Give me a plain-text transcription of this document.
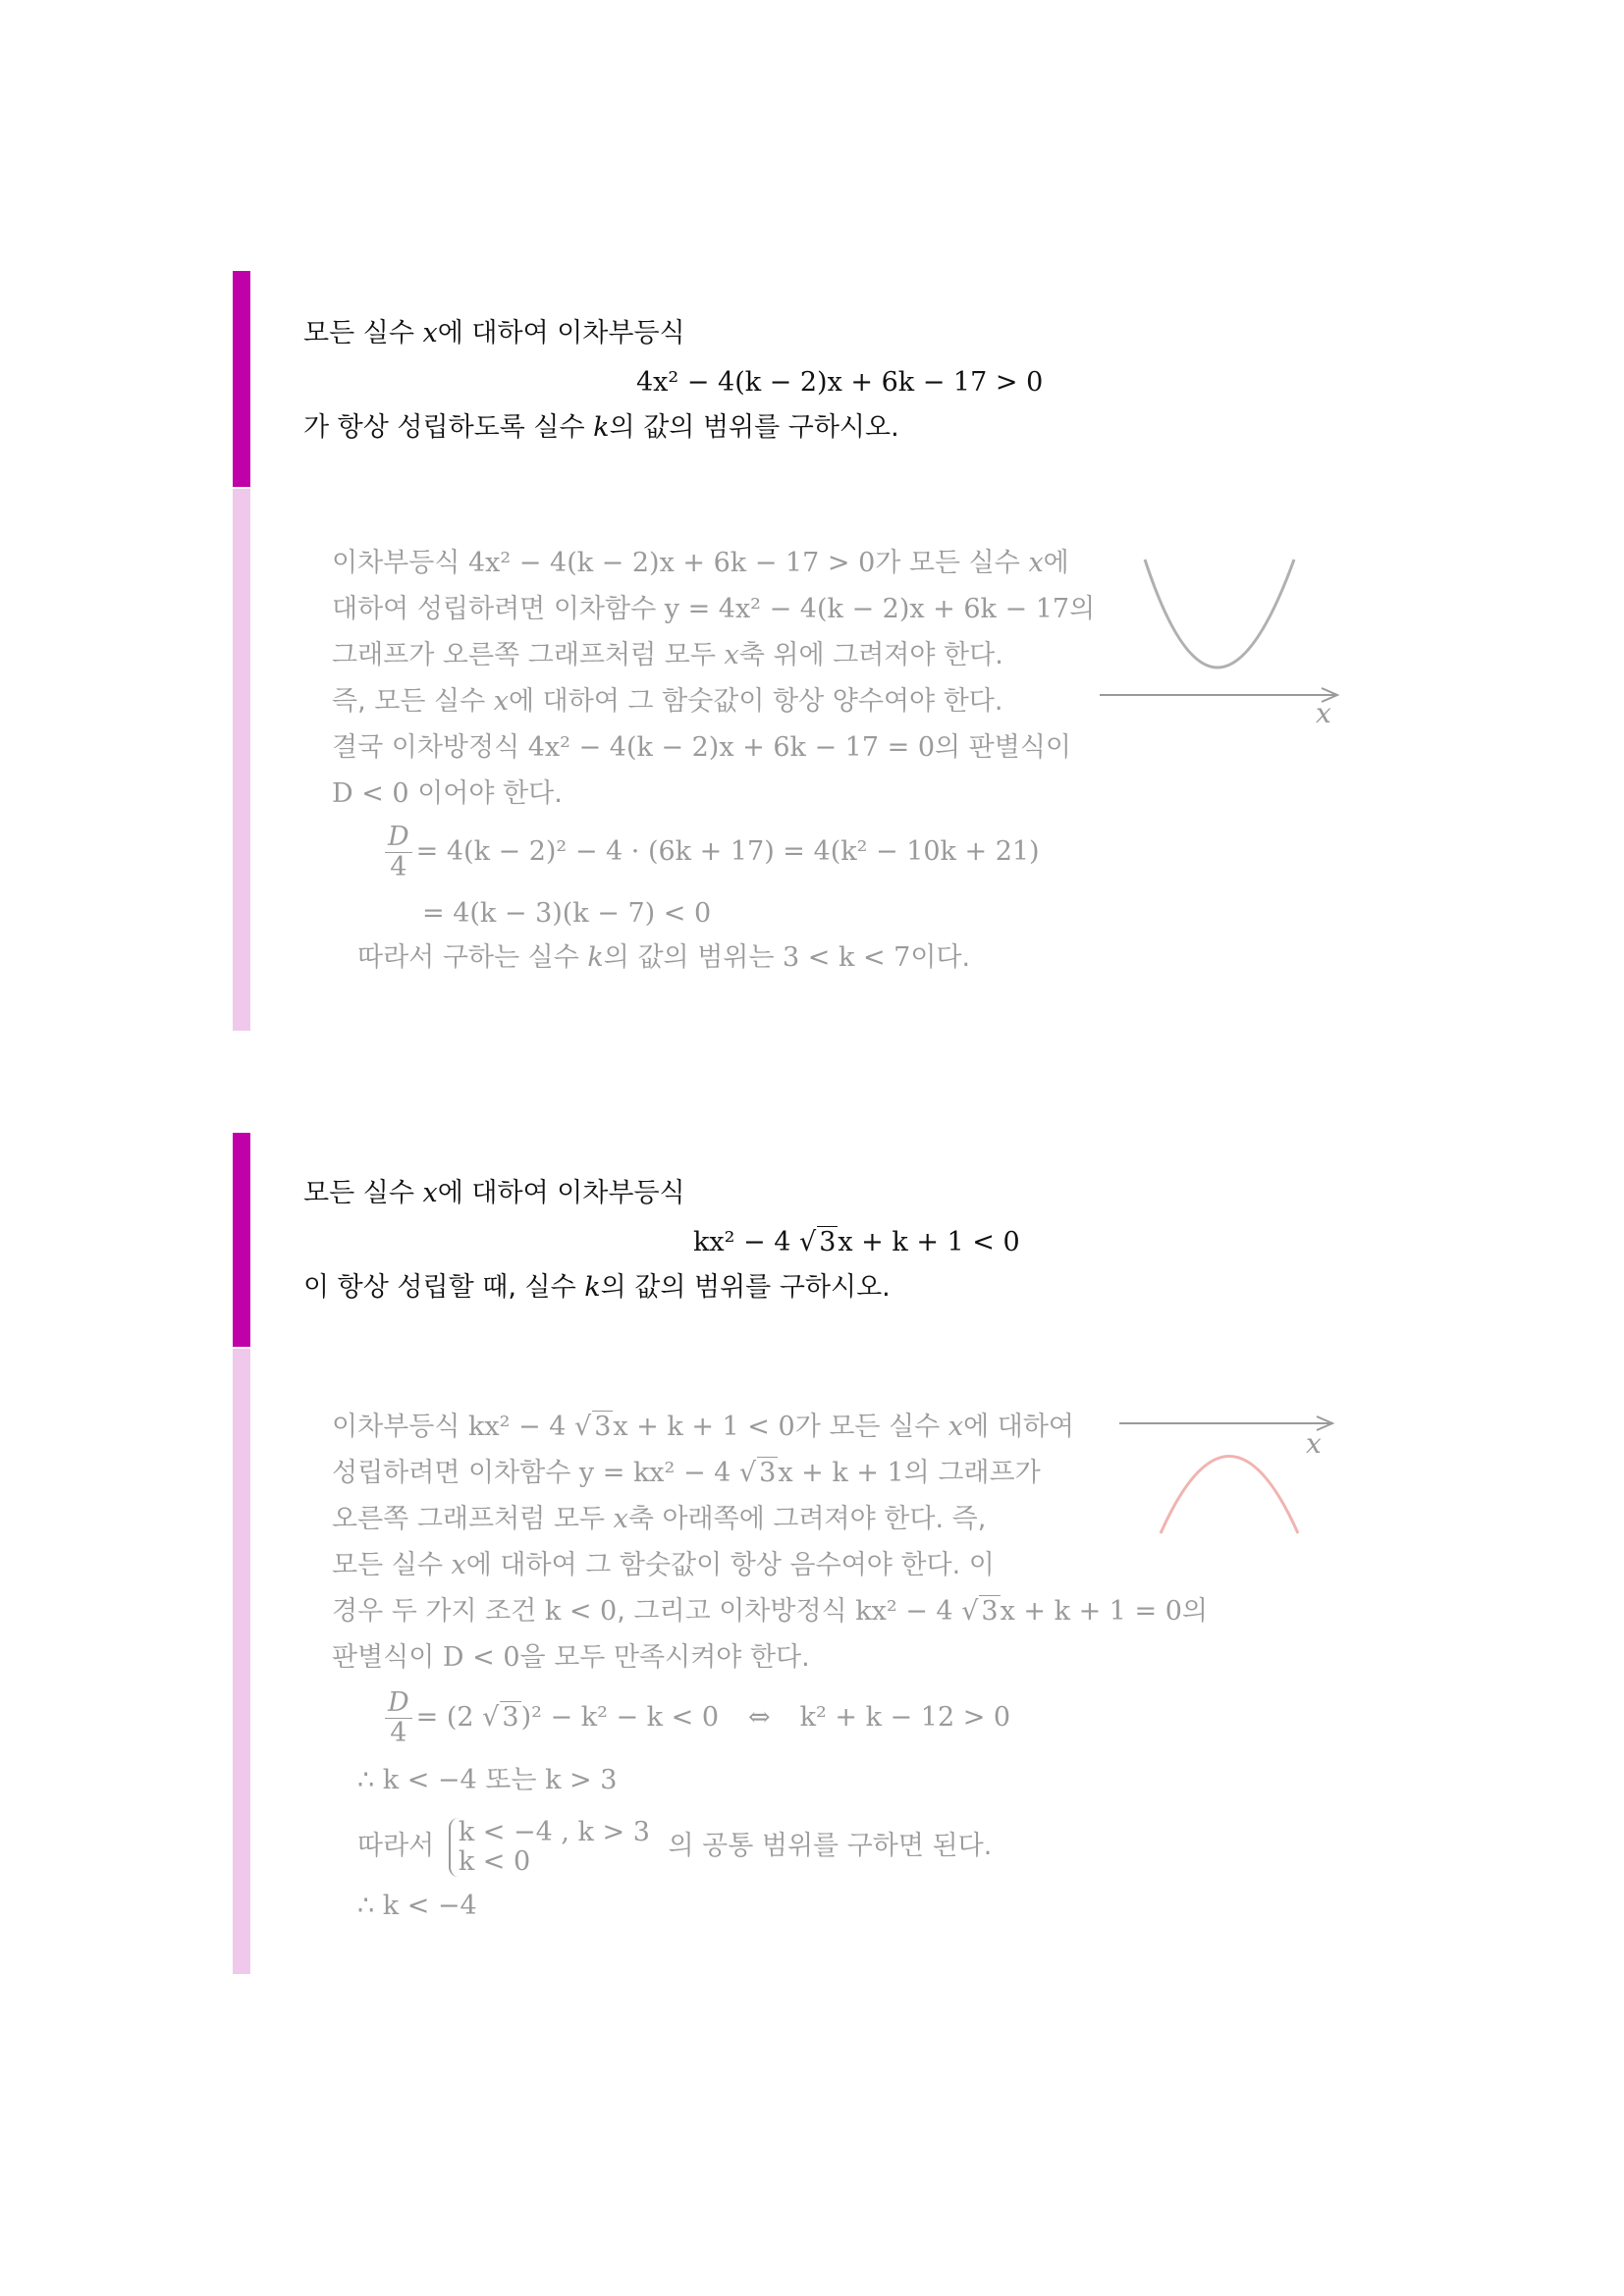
모든 실수 x에 대하여 이차부등식
4x² − 4(k − 2)x + 6k − 17 > 0
가 항상 성립하도록 실수 k의 값의 범위를 구하시오.
이차부등식 4x² − 4(k − 2)x + 6k − 17 > 0가 모든 실수 x에
대하여 성립하려면 이차함수 y = 4x² − 4(k − 2)x + 6k − 17의
그래프가 오른쪽 그래프처럼 모두 x축 위에 그려져야 한다.
즉, 모든 실수 x에 대하여 그 함숫값이 항상 양수여야 한다.
결국 이차방정식 4x² − 4(k − 2)x + 6k − 17 = 0의 판별식이
D < 0 이어야 한다.
$\frac{D}{4} = 4(k - 2)^2 - 4 \cdot (6k + 17) = 4(k^2 - 10k + 21)$
= 4(k − 3)(k − 7) < 0
따라서 구하는 실수 k의 값의 범위는 3 < k < 7이다.
x
모든 실수 x에 대하여 이차부등식
kx² − 4 √ 3x + k + 1 < 0
이 항상 성립할 때, 실수 k의 값의 범위를 구하시오.
이차부등식 kx² − 4 √ 3x + k + 1 < 0가 모든 실수 x에 대하여
성립하려면 이차함수 y = kx² − 4 √ 3x + k + 1의 그래프가
오른쪽 그래프처럼 모두 x축 아래쪽에 그려져야 한다. 즉,
모든 실수 x에 대하여 그 함숫값이 항상 음수여야 한다. 이
경우 두 가지 조건 k < 0, 그리고 이차방정식 kx² − 4 √ 3x + k + 1 = 0의
판별식이 D < 0을 모두 만족시켜야 한다.
$\frac{D}{4} = (2$ √ 3)² − k² − k < 0 ⇔ k² + k − 12 > 0
∴ k < −4 또는 k > 3
따라서 k < −4 , k > 3
k < 0	의 공통 범위를 구하면 된다.
∴ k < −4
x
